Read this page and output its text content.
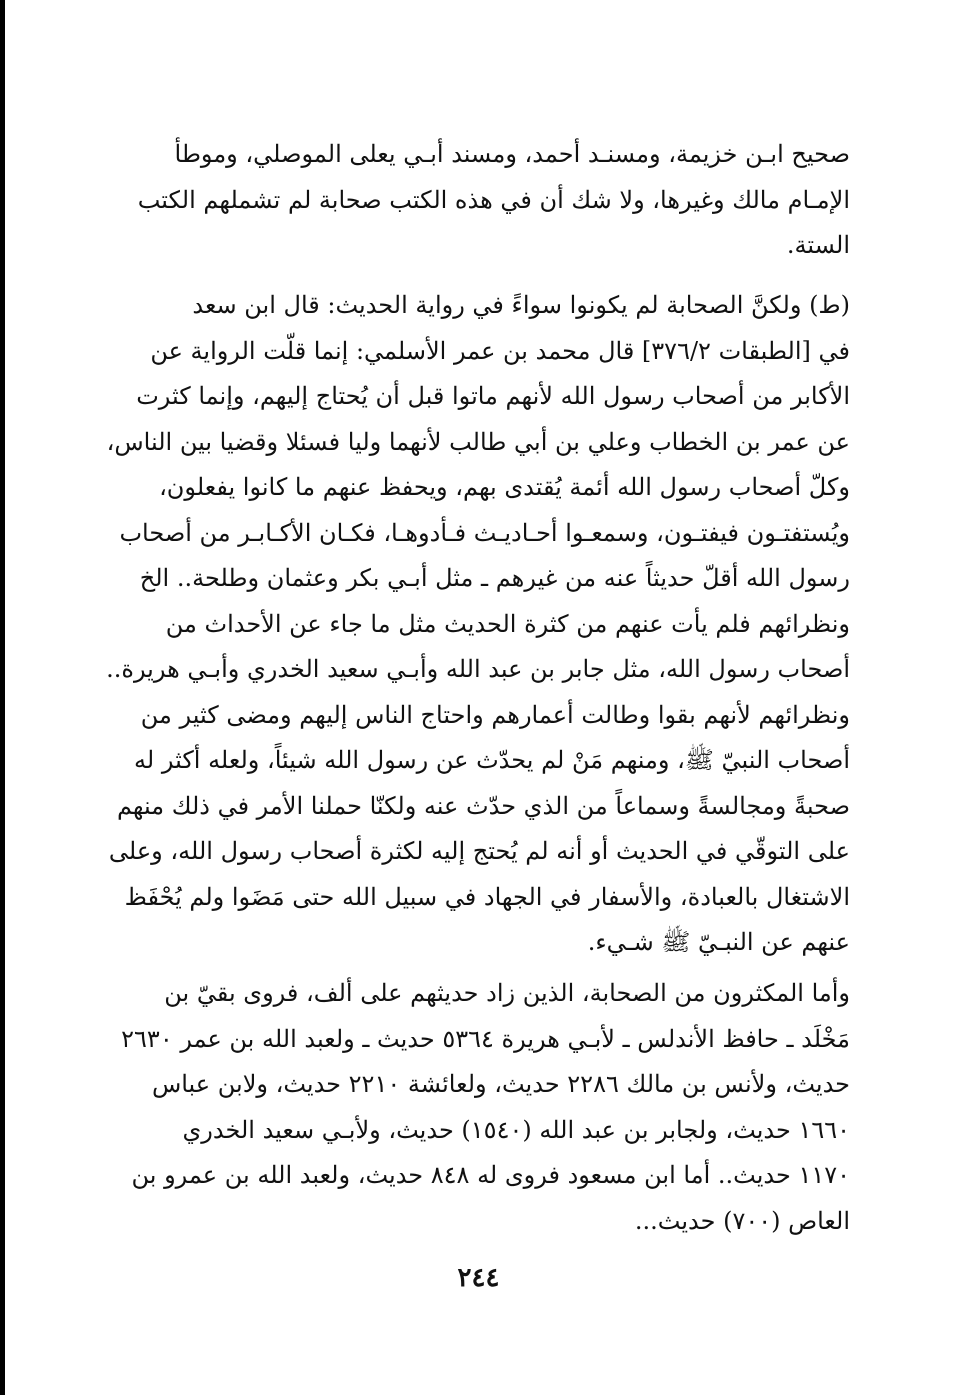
صحيح ابـن خزيمة، ومسنـد أحمد، ومسند أبـي يعلى الموصلي، وموطأ
الإمـام مالك وغيرها، ولا شك أن في هذه الكتب صحابة لم تشملهم الكتب
الستة.
(ط) ولكنَّ الصحابة لم يكونوا سواءً في رواية الحديث: قال ابن سعد
في [الطبقات ٣٧٦/٢] قال محمد بن عمر الأسلمي: إنما قلّت الرواية عن
الأكابر من أصحاب رسول الله لأنهم ماتوا قبل أن يُحتاج إليهم، وإنما كثرت
عن عمر بن الخطاب وعلي بن أبي طالب لأنهما وليا فسئلا وقضيا بين الناس،
وكلّ أصحاب رسول الله أئمة يُقتدى بهم، ويحفظ عنهم ما كانوا يفعلون،
ويُستفتـون فيفتـون، وسمعـوا أحـاديـث فـأدوهـا، فكـان الأكـابـر من أصحاب
رسول الله أقلّ حديثاً عنه من غيرهم ـ مثل أبـي بكر وعثمان وطلحة.. الخ
ونظرائهم فلم يأت عنهم من كثرة الحديث مثل ما جاء عن الأحداث من
أصحاب رسول الله، مثل جابر بن عبد الله وأبـي سعيد الخدري وأبـي هريرة..
ونظرائهم لأنهم بقوا وطالت أعمارهم واحتاج الناس إليهم ومضى كثير من
أصحاب النبيّ ﷺ، ومنهم مَنْ لم يحدّث عن رسول الله شيئاً، ولعله أكثر له
صحبةً ومجالسةً وسماعاً من الذي حدّث عنه ولكنّا حملنا الأمر في ذلك منهم
على التوقّي في الحديث أو أنه لم يُحتج إليه لكثرة أصحاب رسول الله، وعلى
الاشتغال بالعبادة، والأسفار في الجهاد في سبيل الله حتى مَضَوا ولم يُحْفَظ
عنهم عن النبـيّ ﷺ شـيء.
وأما المكثرون من الصحابة، الذين زاد حديثهم على ألف، فروى بقيّ بن
مَخْلَد ـ حافظ الأندلس ـ لأبـي هريرة ٥٣٦٤ حديث ـ ولعبد الله بن عمر ٢٦٣٠
حديث، ولأنس بن مالك ٢٢٨٦ حديث، ولعائشة ٢٢١٠ حديث، ولابن عباس
١٦٦٠ حديث، ولجابر بن عبد الله (١٥٤٠) حديث، ولأبـي سعيد الخدري
١١٧٠ حديث.. أما ابن مسعود فروى له ٨٤٨ حديث، ولعبد الله بن عمرو بن
العاص (٧٠٠) حديث...
٢٤٤
